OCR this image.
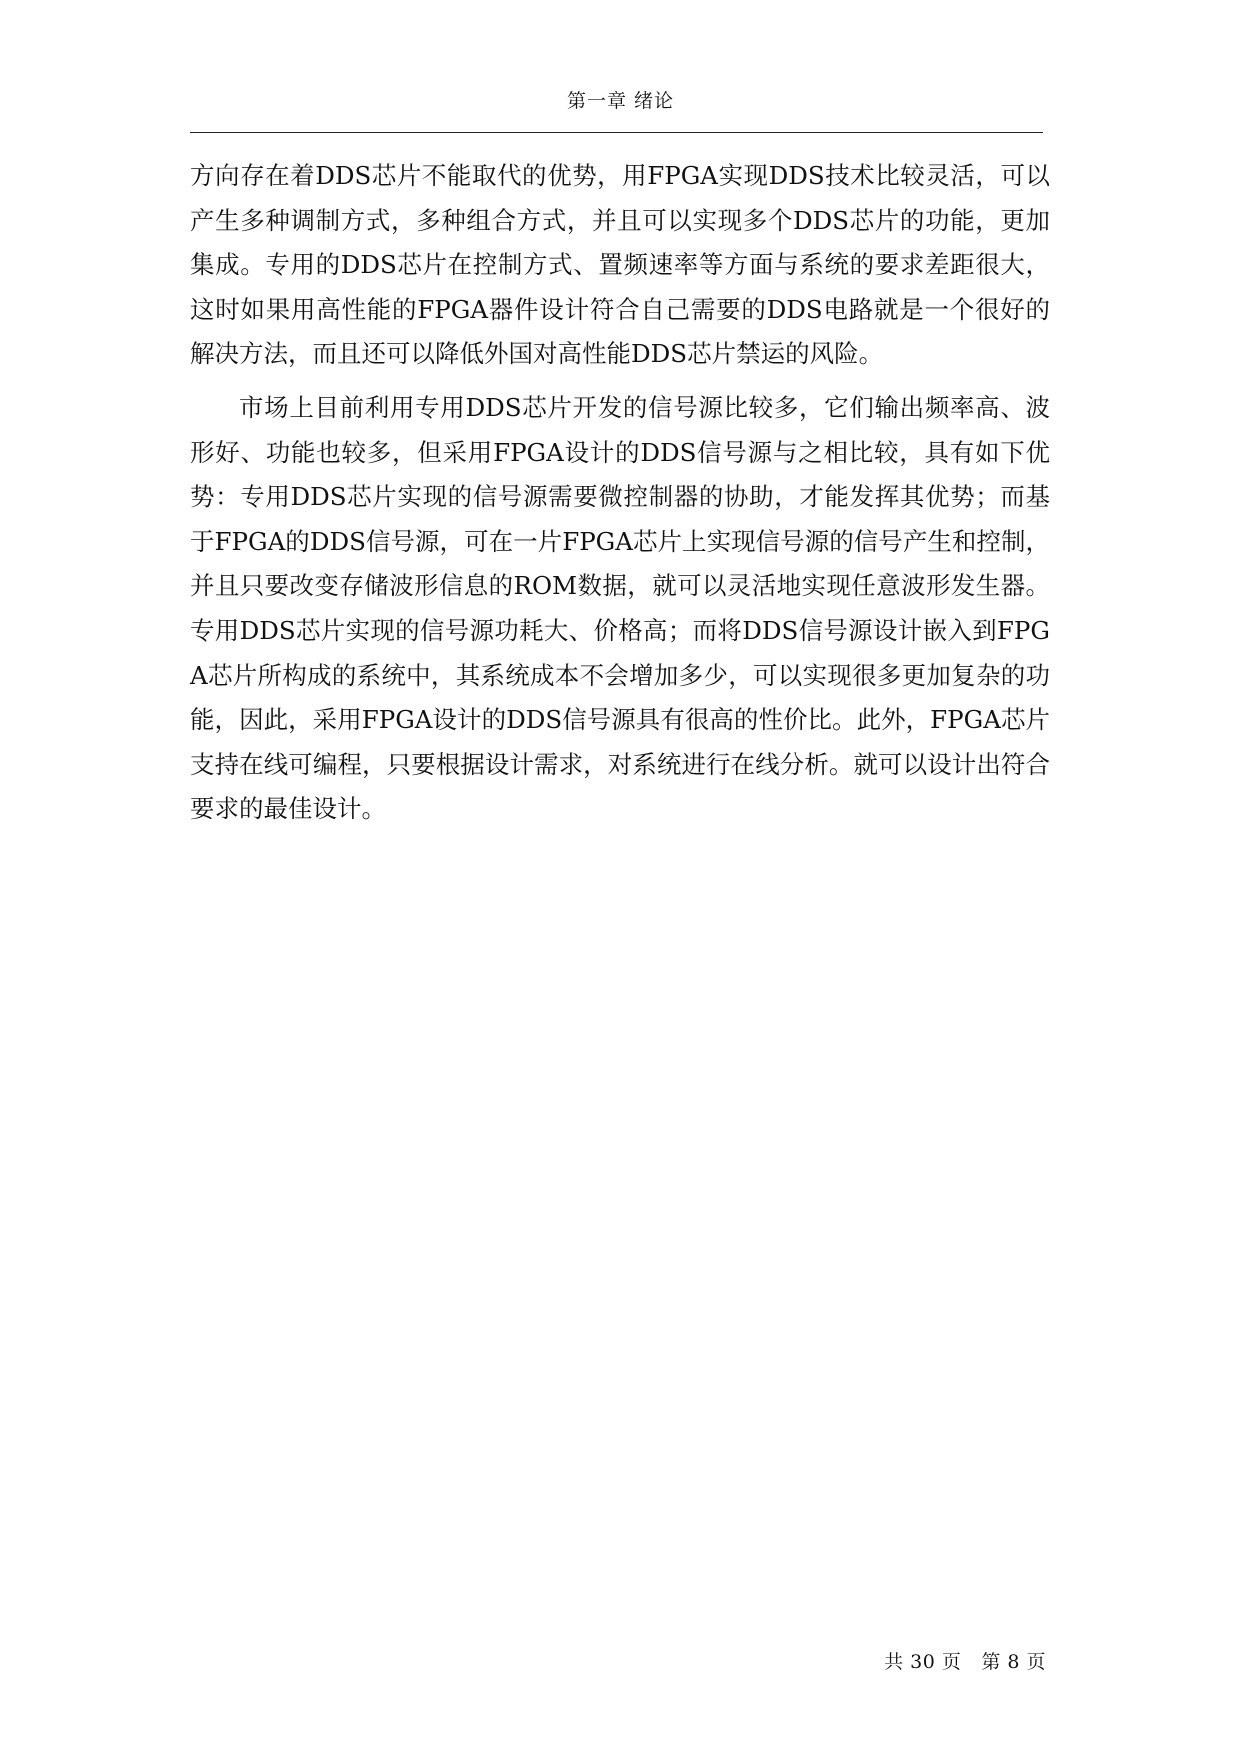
第一章 绪论

方向存在着DDS芯片不能取代的优势，用FPGA实现DDS技术比较灵活，可以产生多种调制方式，多种组合方式，并且可以实现多个DDS芯片的功能，更加集成。专用的DDS芯片在控制方式、置频速率等方面与系统的要求差距很大，这时如果用高性能的FPGA器件设计符合自己需要的DDS电路就是一个很好的解决方法，而且还可以降低外国对高性能DDS芯片禁运的风险。

市场上目前利用专用DDS芯片开发的信号源比较多，它们输出频率高、波形好、功能也较多，但采用FPGA设计的DDS信号源与之相比较，具有如下优势：专用DDS芯片实现的信号源需要微控制器的协助，才能发挥其优势；而基于FPGA的DDS信号源，可在一片FPGA芯片上实现信号源的信号产生和控制，并且只要改变存储波形信息的ROM数据，就可以灵活地实现任意波形发生器。专用DDS芯片实现的信号源功耗大、价格高；而将DDS信号源设计嵌入到FPGA芯片所构成的系统中，其系统成本不会增加多少，可以实现很多更加复杂的功能，因此，采用FPGA设计的DDS信号源具有很高的性价比。此外，FPGA芯片支持在线可编程，只要根据设计需求，对系统进行在线分析。就可以设计出符合要求的最佳设计。

共 30 页 第 8 页
